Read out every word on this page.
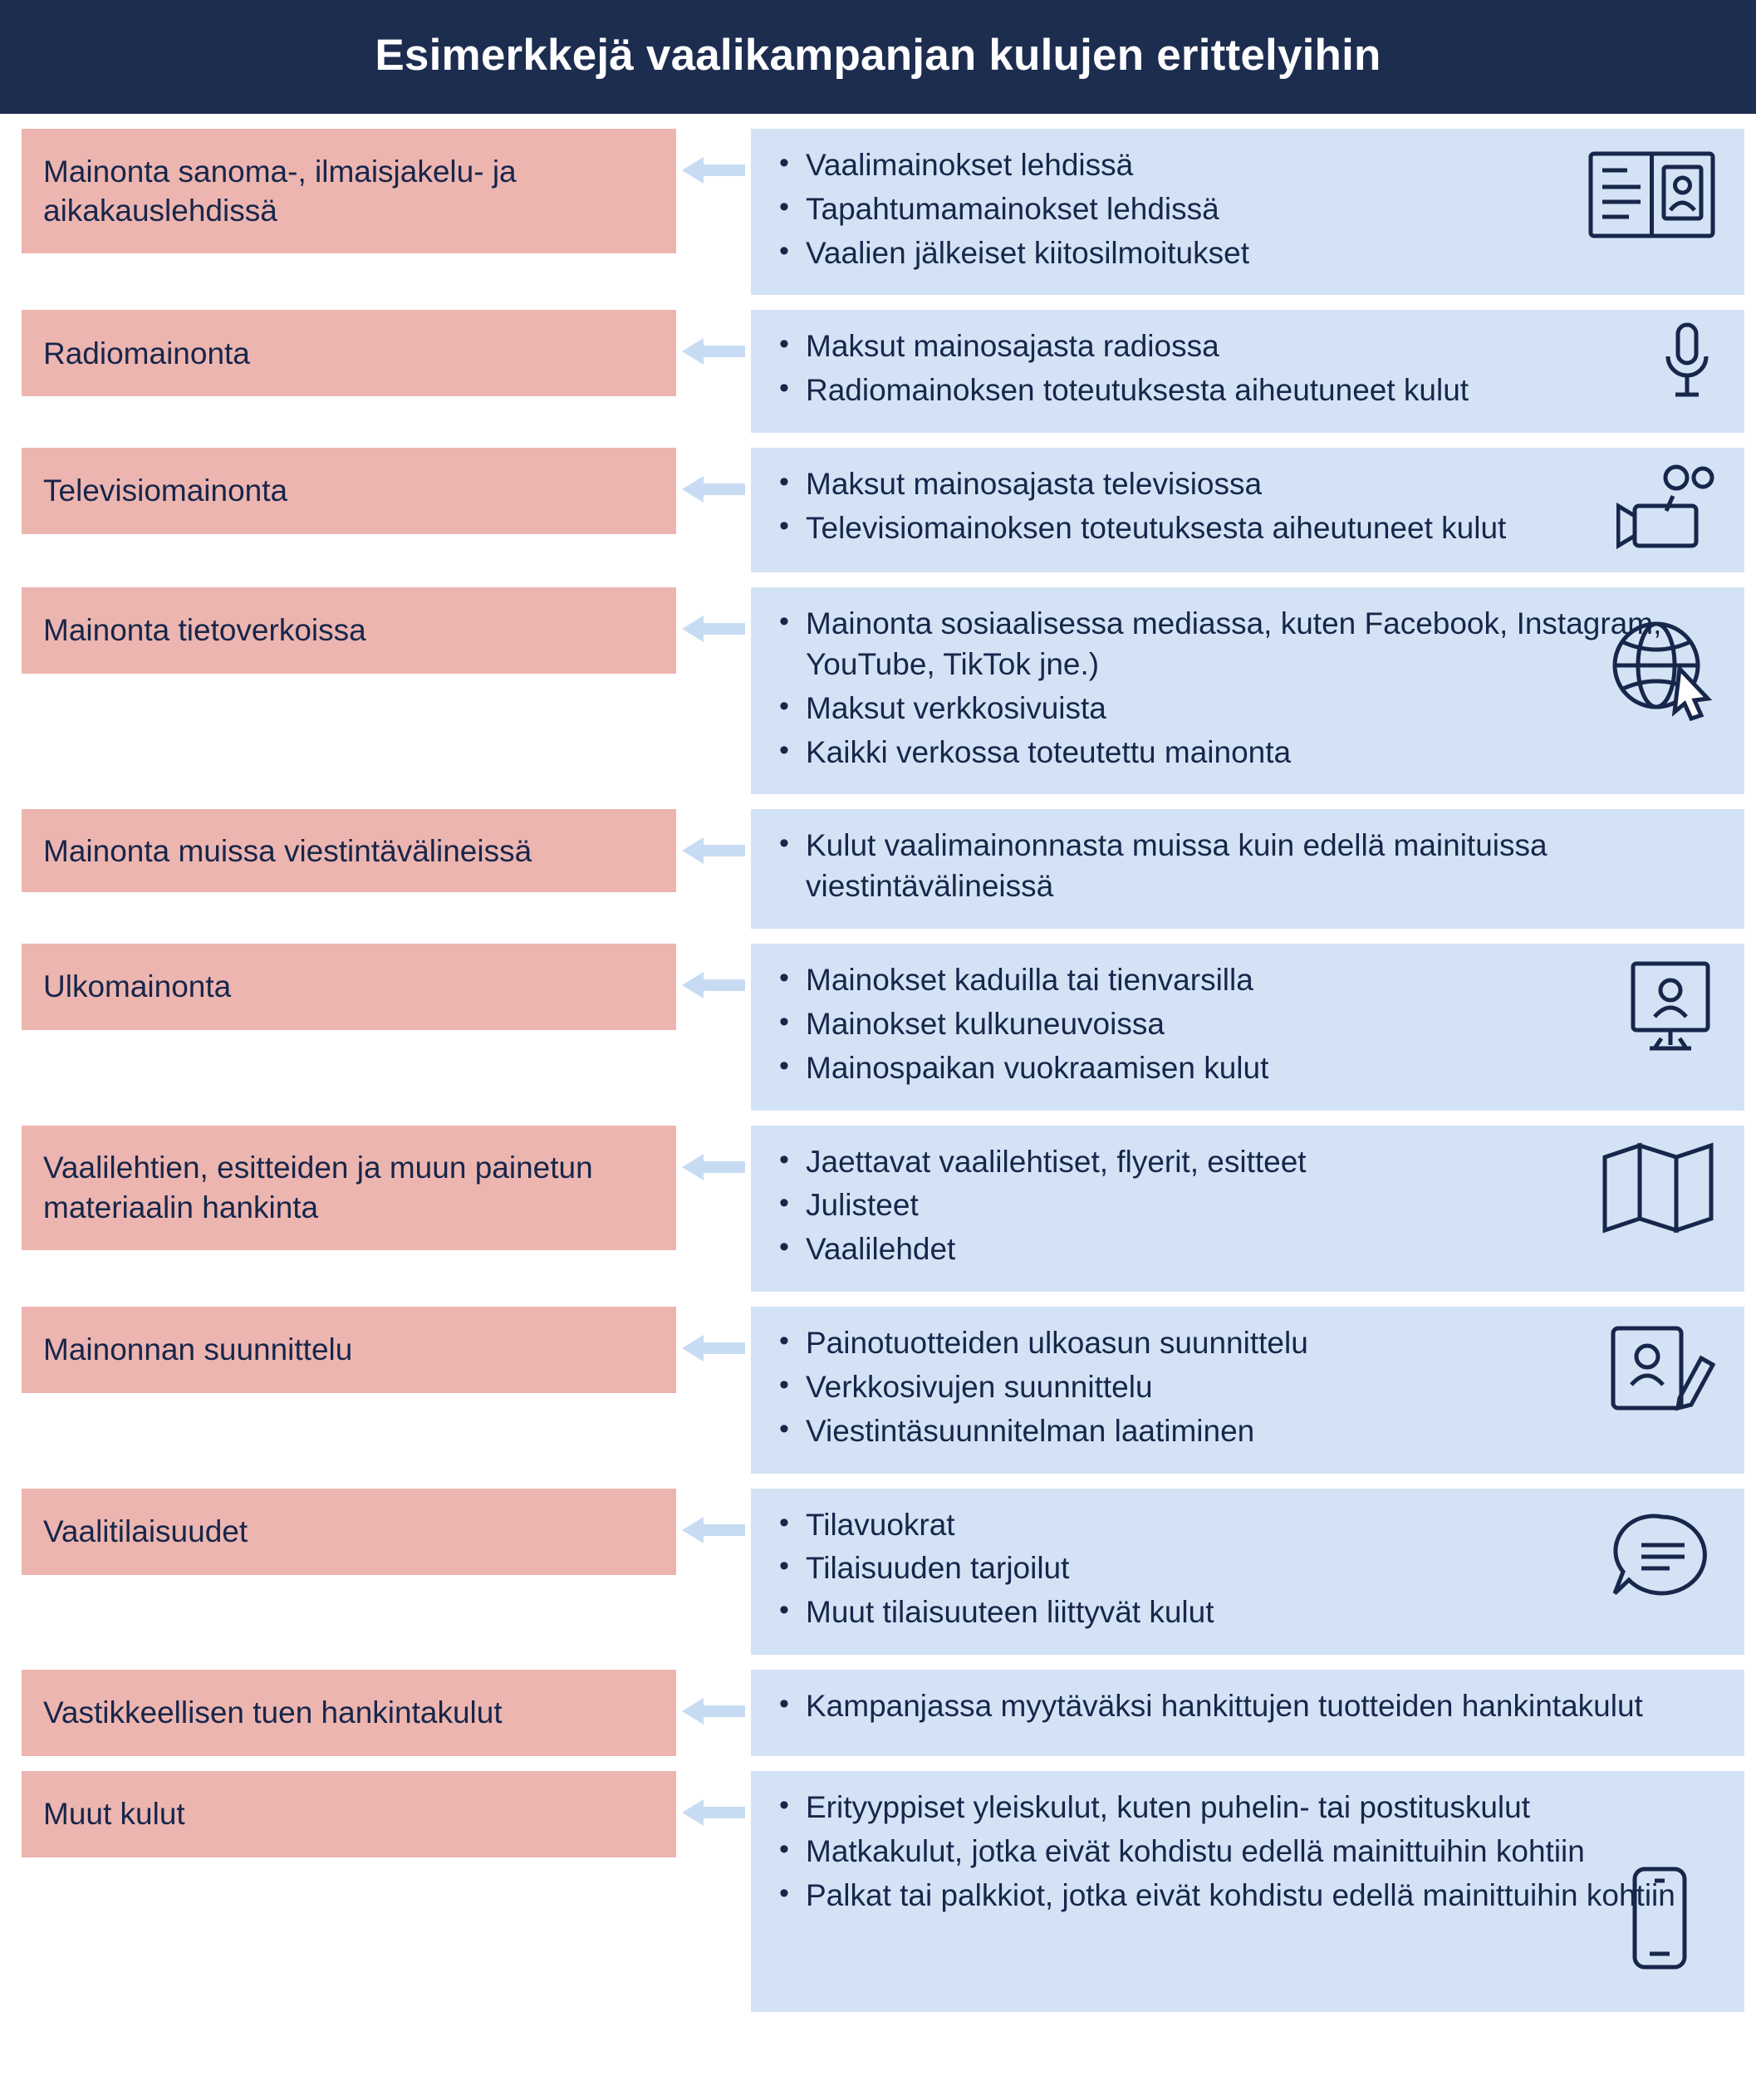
Esimerkkejä vaalikampanjan kulujen erittelyihin
Mainonta sanoma-, ilmaisjakelu- ja aikakauslehdissä
• Vaalimainokset lehdissä
• Tapahtumamainokset lehdissä
• Vaalien jälkeiset kiitosilmoitukset
Radiomainonta	• Maksut mainosajasta radiossa
• Radiomainoksen toteutuksesta aiheutuneet kulut
Televisiomainonta	• Maksut mainosajasta televisiossa
• Televisiomainoksen toteutuksesta aiheutuneet kulut
Mainonta tietoverkoissa	• Mainonta sosiaalisessa mediassa, kuten Facebook, Instagram, YouTube, TikTok jne.)
• Maksut verkkosivuista
• Kaikki verkossa toteutettu mainonta
Mainonta muissa viestintävälineissä	• Kulut vaalimainonnasta muissa kuin edellä mainituissa viestintävälineissä
Ulkomainonta	• Mainokset kaduilla tai tienvarsilla
• Mainokset kulkuneuvoissa
• Mainospaikan vuokraamisen kulut
Vaalilehtien, esitteiden ja muun painetun materiaalin hankinta
• Jaettavat vaalilehtiset, flyerit, esitteet
• Julisteet
• Vaalilehdet
Mainonnan suunnittelu	• Painotuotteiden ulkoasun suunnittelu
• Verkkosivujen suunnittelu
• Viestintäsuunnitelman laatiminen
Vaalitilaisuudet	• Tilavuokrat
• Tilaisuuden tarjoilut
• Muut tilaisuuteen liittyvät kulut
Vastikkeellisen tuen hankintakulut	• Kampanjassa myytäväksi hankittujen tuotteiden hankintakulut
Muut kulut	• Erityyppiset yleiskulut, kuten puhelin- tai postituskulut
• Matkakulut, jotka eivät kohdistu edellä mainittuihin kohtiin
• Palkat tai palkkiot, jotka eivät kohdistu edellä mainittuihin kohtiin
